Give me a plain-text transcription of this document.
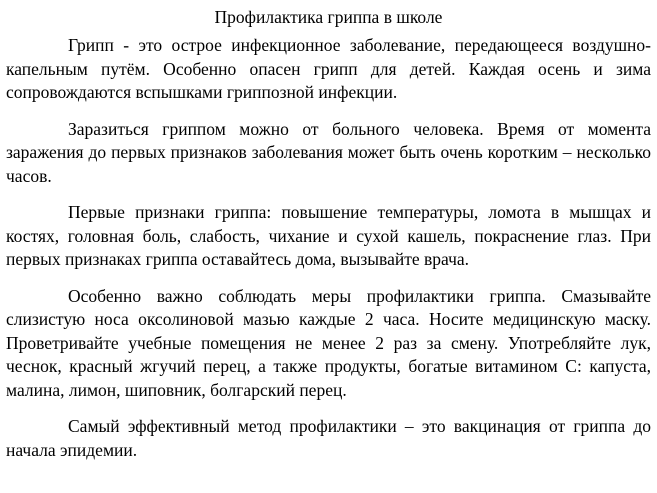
Профилактика гриппа в школе

Грипп - это острое инфекционное заболевание, передающееся воздушно-капельным путём. Особенно опасен грипп для детей. Каждая осень и зима сопровождаются вспышками гриппозной инфекции.

Заразиться гриппом можно от больного человека. Время от момента заражения до первых признаков заболевания может быть очень коротким – несколько часов.

Первые признаки гриппа: повышение температуры, ломота в мышцах и костях, головная боль, слабость, чихание и сухой кашель, покраснение глаз. При первых признаках гриппа оставайтесь дома, вызывайте врача.

Особенно важно соблюдать меры профилактики гриппа. Смазывайте слизистую носа оксолиновой мазью каждые 2 часа. Носите медицинскую маску. Проветривайте учебные помещения не менее 2 раз за смену. Употребляйте лук, чеснок, красный жгучий перец, а также продукты, богатые витамином С: капуста, малина, лимон, шиповник, болгарский перец.

Самый эффективный метод профилактики – это вакцинация от гриппа до начала эпидемии.
